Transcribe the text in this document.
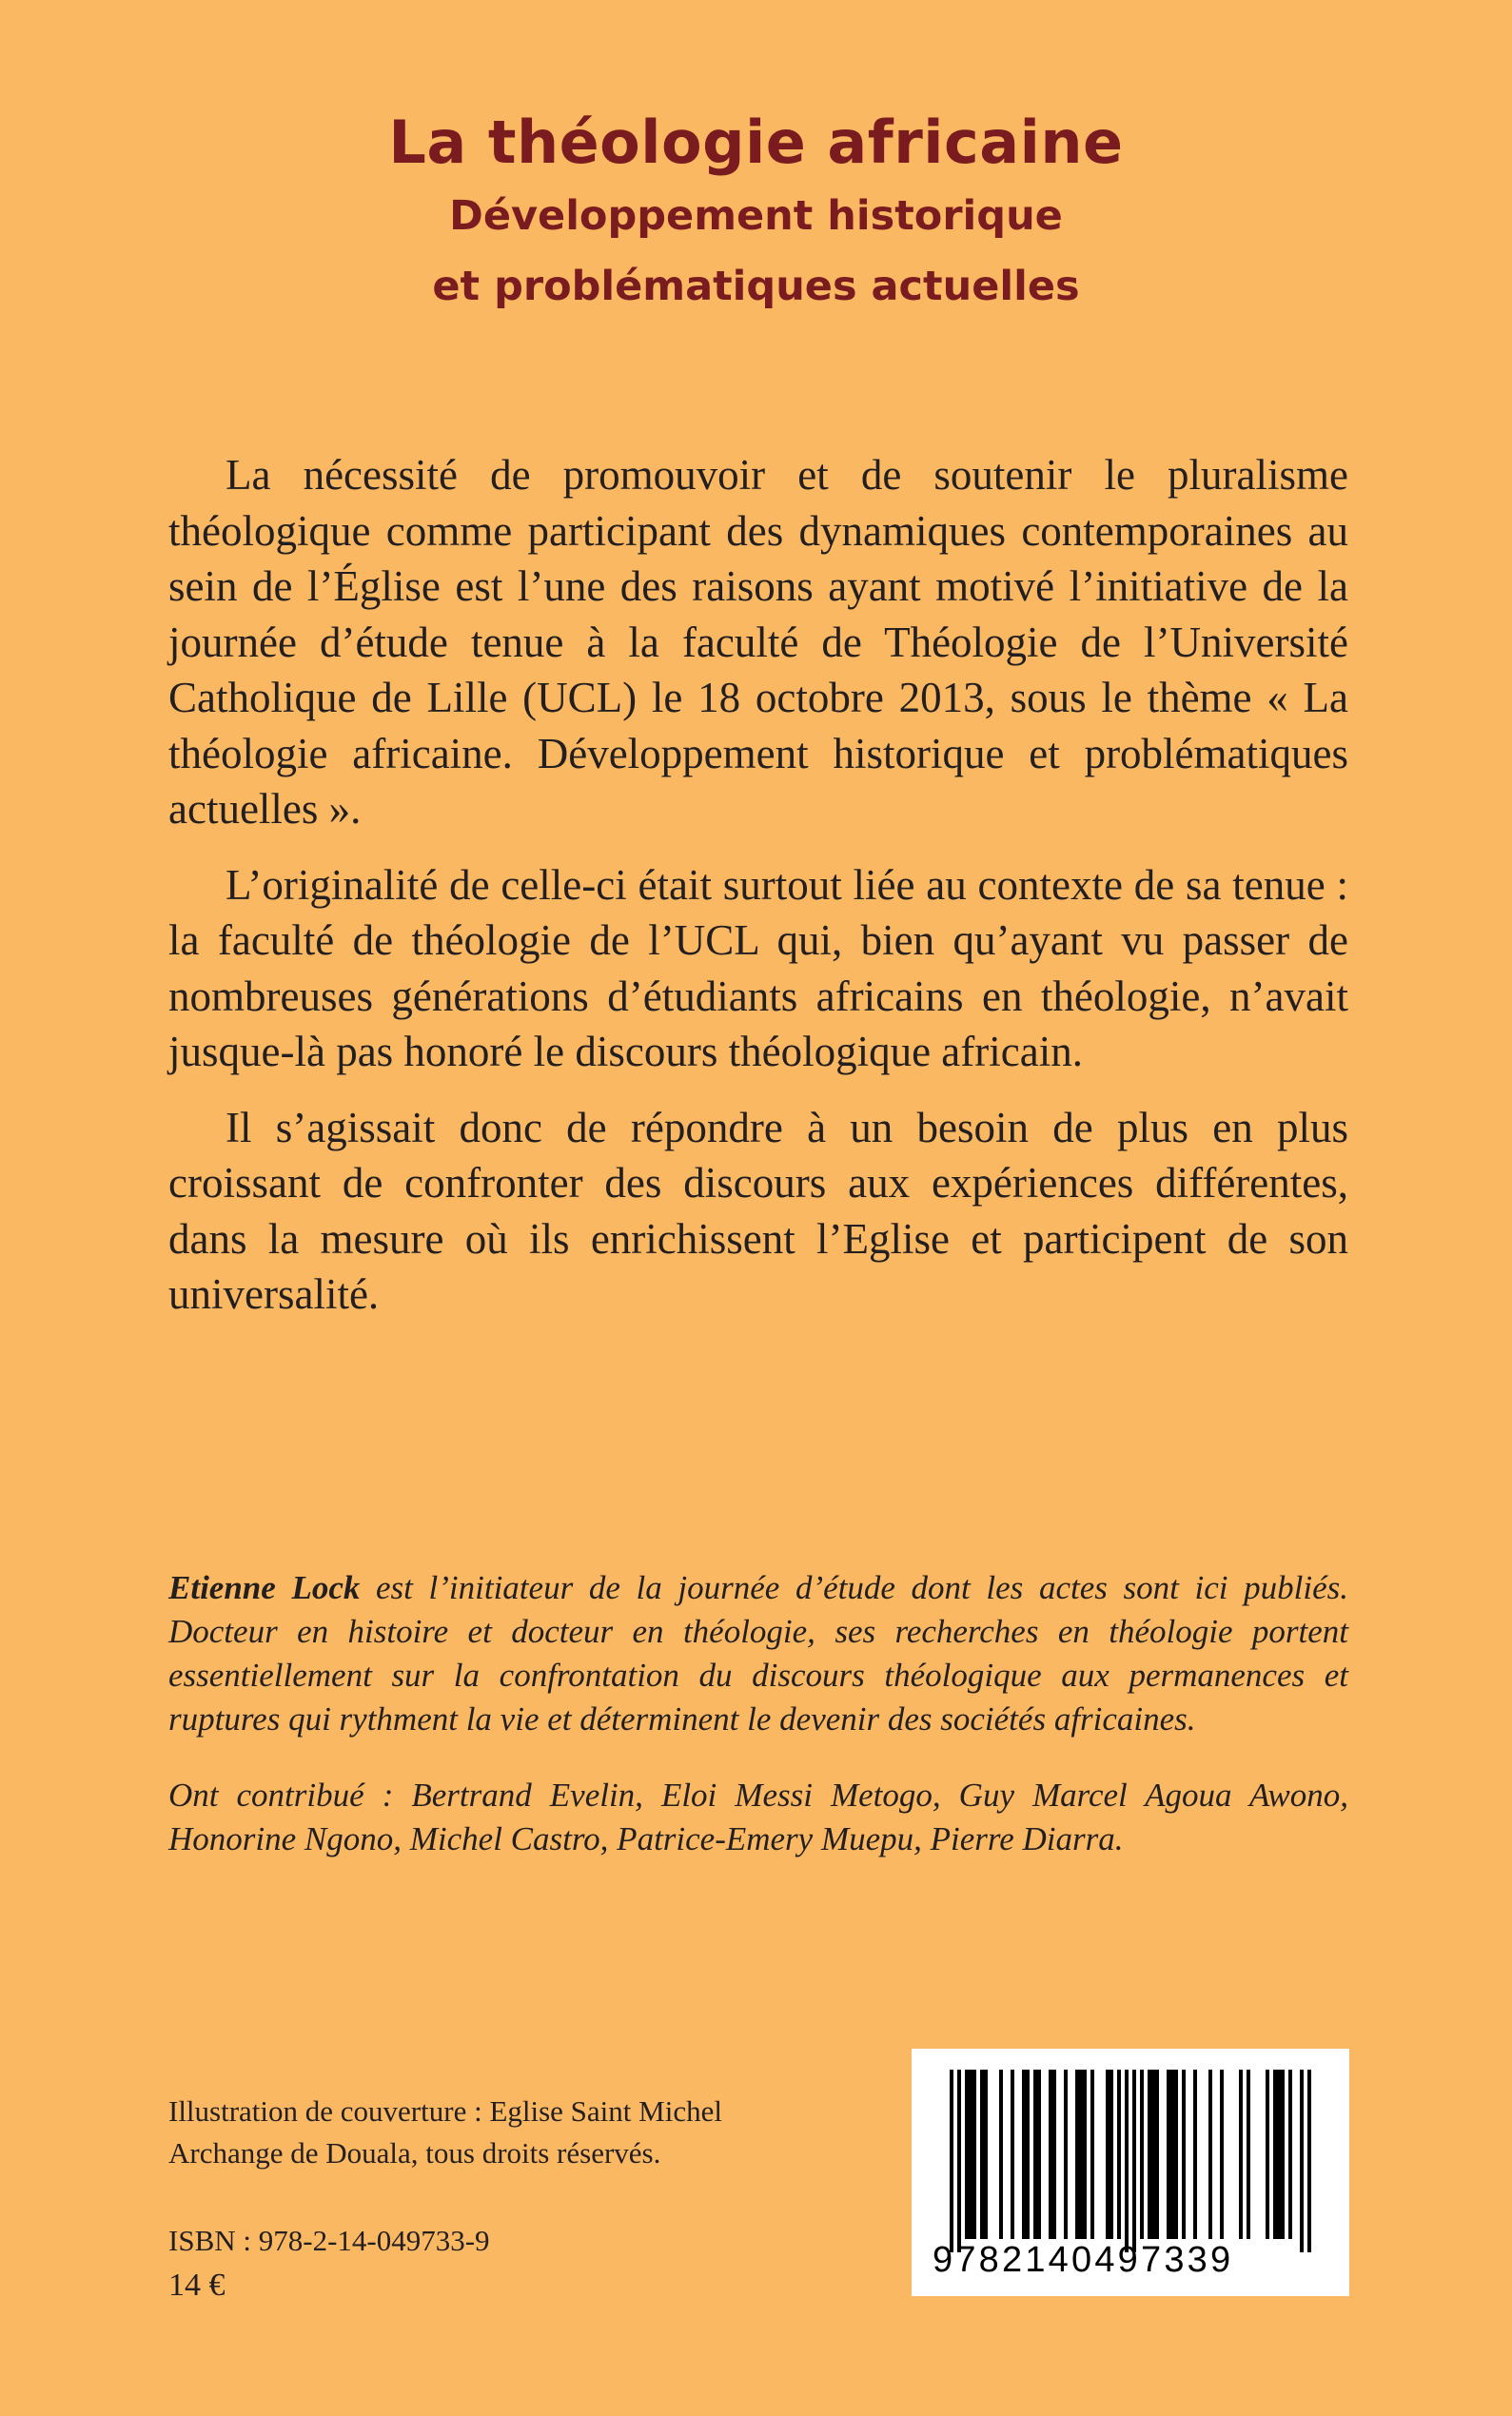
La théologie africaine
Développement historique
et problématiques actuelles

La nécessité de promouvoir et de soutenir le pluralisme théologique comme participant des dynamiques contemporaines au sein de l’Église est l’une des raisons ayant motivé l’initiative de la journée d’étude tenue à la faculté de Théologie de l’Université Catholique de Lille (UCL) le 18 octobre 2013, sous le thème « La théologie africaine. Développement historique et problématiques actuelles ».

L’originalité de celle-ci était surtout liée au contexte de sa tenue : la faculté de théologie de l’UCL qui, bien qu’ayant vu passer de nombreuses générations d’étudiants africains en théologie, n’avait jusque-là pas honoré le discours théologique africain.

Il s’agissait donc de répondre à un besoin de plus en plus croissant de confronter des discours aux expériences différentes, dans la mesure où ils enrichissent l’Eglise et participent de son universalité.

Etienne Lock est l’initiateur de la journée d’étude dont les actes sont ici publiés. Docteur en histoire et docteur en théologie, ses recherches en théologie portent essentiellement sur la confrontation du discours théologique aux permanences et ruptures qui rythment la vie et déterminent le devenir des sociétés africaines.

Ont contribué : Bertrand Evelin, Eloi Messi Metogo, Guy Marcel Agoua Awono, Honorine Ngono, Michel Castro, Patrice-Emery Muepu, Pierre Diarra.

Illustration de couverture : Eglise Saint Michel
Archange de Douala, tous droits réservés.
ISBN : 978-2-14-049733-9
14 €
9782140497339
